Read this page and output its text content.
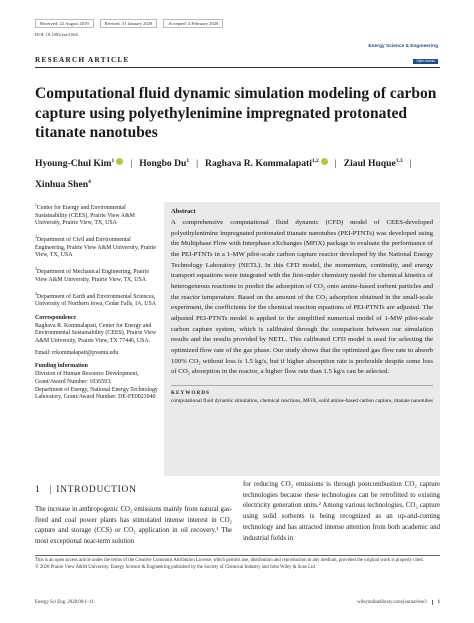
Received: 22 August 2019	Revised: 31 January 2020	Accepted: 4 February 2020
DOI: 10.1002/ese3.665
Energy Science & Engineering
Open Access
RESEARCH ARTICLE
Computational fluid dynamic simulation modeling of carbon capture using polyethylenimine impregnated protonated titanate nanotubes
Hyoung-Chul Kim$^1$ | Hongbo Du$^1$ | Raghava R. Kommalapati$^{1,2}$ | Ziaul Huque$^{1,3}$ |
Xinhua Shen$^4$
$^1$Center for Energy and Environmental Sustainability (CEES), Prairie View A&M University, Prairie View, TX, USA
$^2$Department of Civil and Environmental Engineering, Prairie View A&M University, Prairie View, TX, USA
$^3$Department of Mechanical Engineering, Prairie View A&M University, Prairie View, TX, USA
$^4$Department of Earth and Environmental Sciences, University of Northern Iowa, Cedar Falls, IA, USA
Correspondence
Raghava R. Kommalapati, Center for Energy and Environmental Sustainability (CEES), Prairie View A&M University, Prairie View, TX 77446, USA.
Email: rrkommalapati@pvamu.edu
Funding information
Division of Human Resource Development, Grant/Award Number: 1036593;
Department of Energy, National Energy Technology Laboratory, Grant/Award Number: DE-FE0023040
Abstract
A comprehensive computational fluid dynamic (CFD) model of CEES-developed polyethylenimine impregnated protonated titanate nanotubes (PEI-PTNTs) was developed using the Multiphase Flow with Interphase eXchanges (MFiX) package to evaluate the performance of the PEI-PTNTs in a 1-MW pilot-scale carbon capture reactor developed by the National Energy Technology Laboratory (NETL). In this CFD model, the momentum, continuity, and energy transport equations were integrated with the first-order chemistry model for chemical kinetics of heterogeneous reactions to predict the adsorption of CO₂ onto amine-based sorbent particles and the reactor temperature. Based on the amount of the CO₂ adsorption obtained in the small-scale experiment, the coefficients for the chemical reaction equations of PEI-PTNTs are adjusted. The adjusted PEI-PTNTs model is applied to the simplified numerical model of 1-MW pilot-scale carbon capture system, which is calibrated through the comparison between our simulation results and the results provided by NETL. This calibrated CFD model is used for selecting the optimized flow rate of the gas phase. Our study shows that the optimized gas flow rate to absorb 100% CO₂ without loss is 1.5 kg/s, but if higher absorption rate is preferable despite some loss of CO₂ absorption in the reactor, a higher flow rate than 1.5 kg/s can be selected.
KEYWORDS
computational fluid dynamic simulation, chemical reactions, MFiX, solid amine-based carbon capture, titanate nanotubes
1 | INTRODUCTION
The increase in anthropogenic CO₂ emissions mainly from natural gas-fired and coal power plants has stimulated intense interest in CO₂ capture and storage (CCS) or CO₂ application in oil recovery.¹ The most exceptional near-term solution
for reducing CO₂ emissions is through postcombustion CO₂ capture technologies because these technologies can be retrofitted to existing electricity generation units.² Among various technologies, CO₂ capture using solid sorbents is being recognized as an up-and-coming technology and has attracted intense attention from both academic and industrial fields in
This is an open access article under the terms of the Creative Commons Attribution License, which permits use, distribution and reproduction in any medium, provided the original work is properly cited.
© 2020 Prairie View A&M University. Energy Science & Engineering published by the Society of Chemical Industry and John Wiley & Sons Ltd.
Energy Sci Eng. 2020;00:1–11.	wileyonlinelibrary.com/journal/ese3 1
